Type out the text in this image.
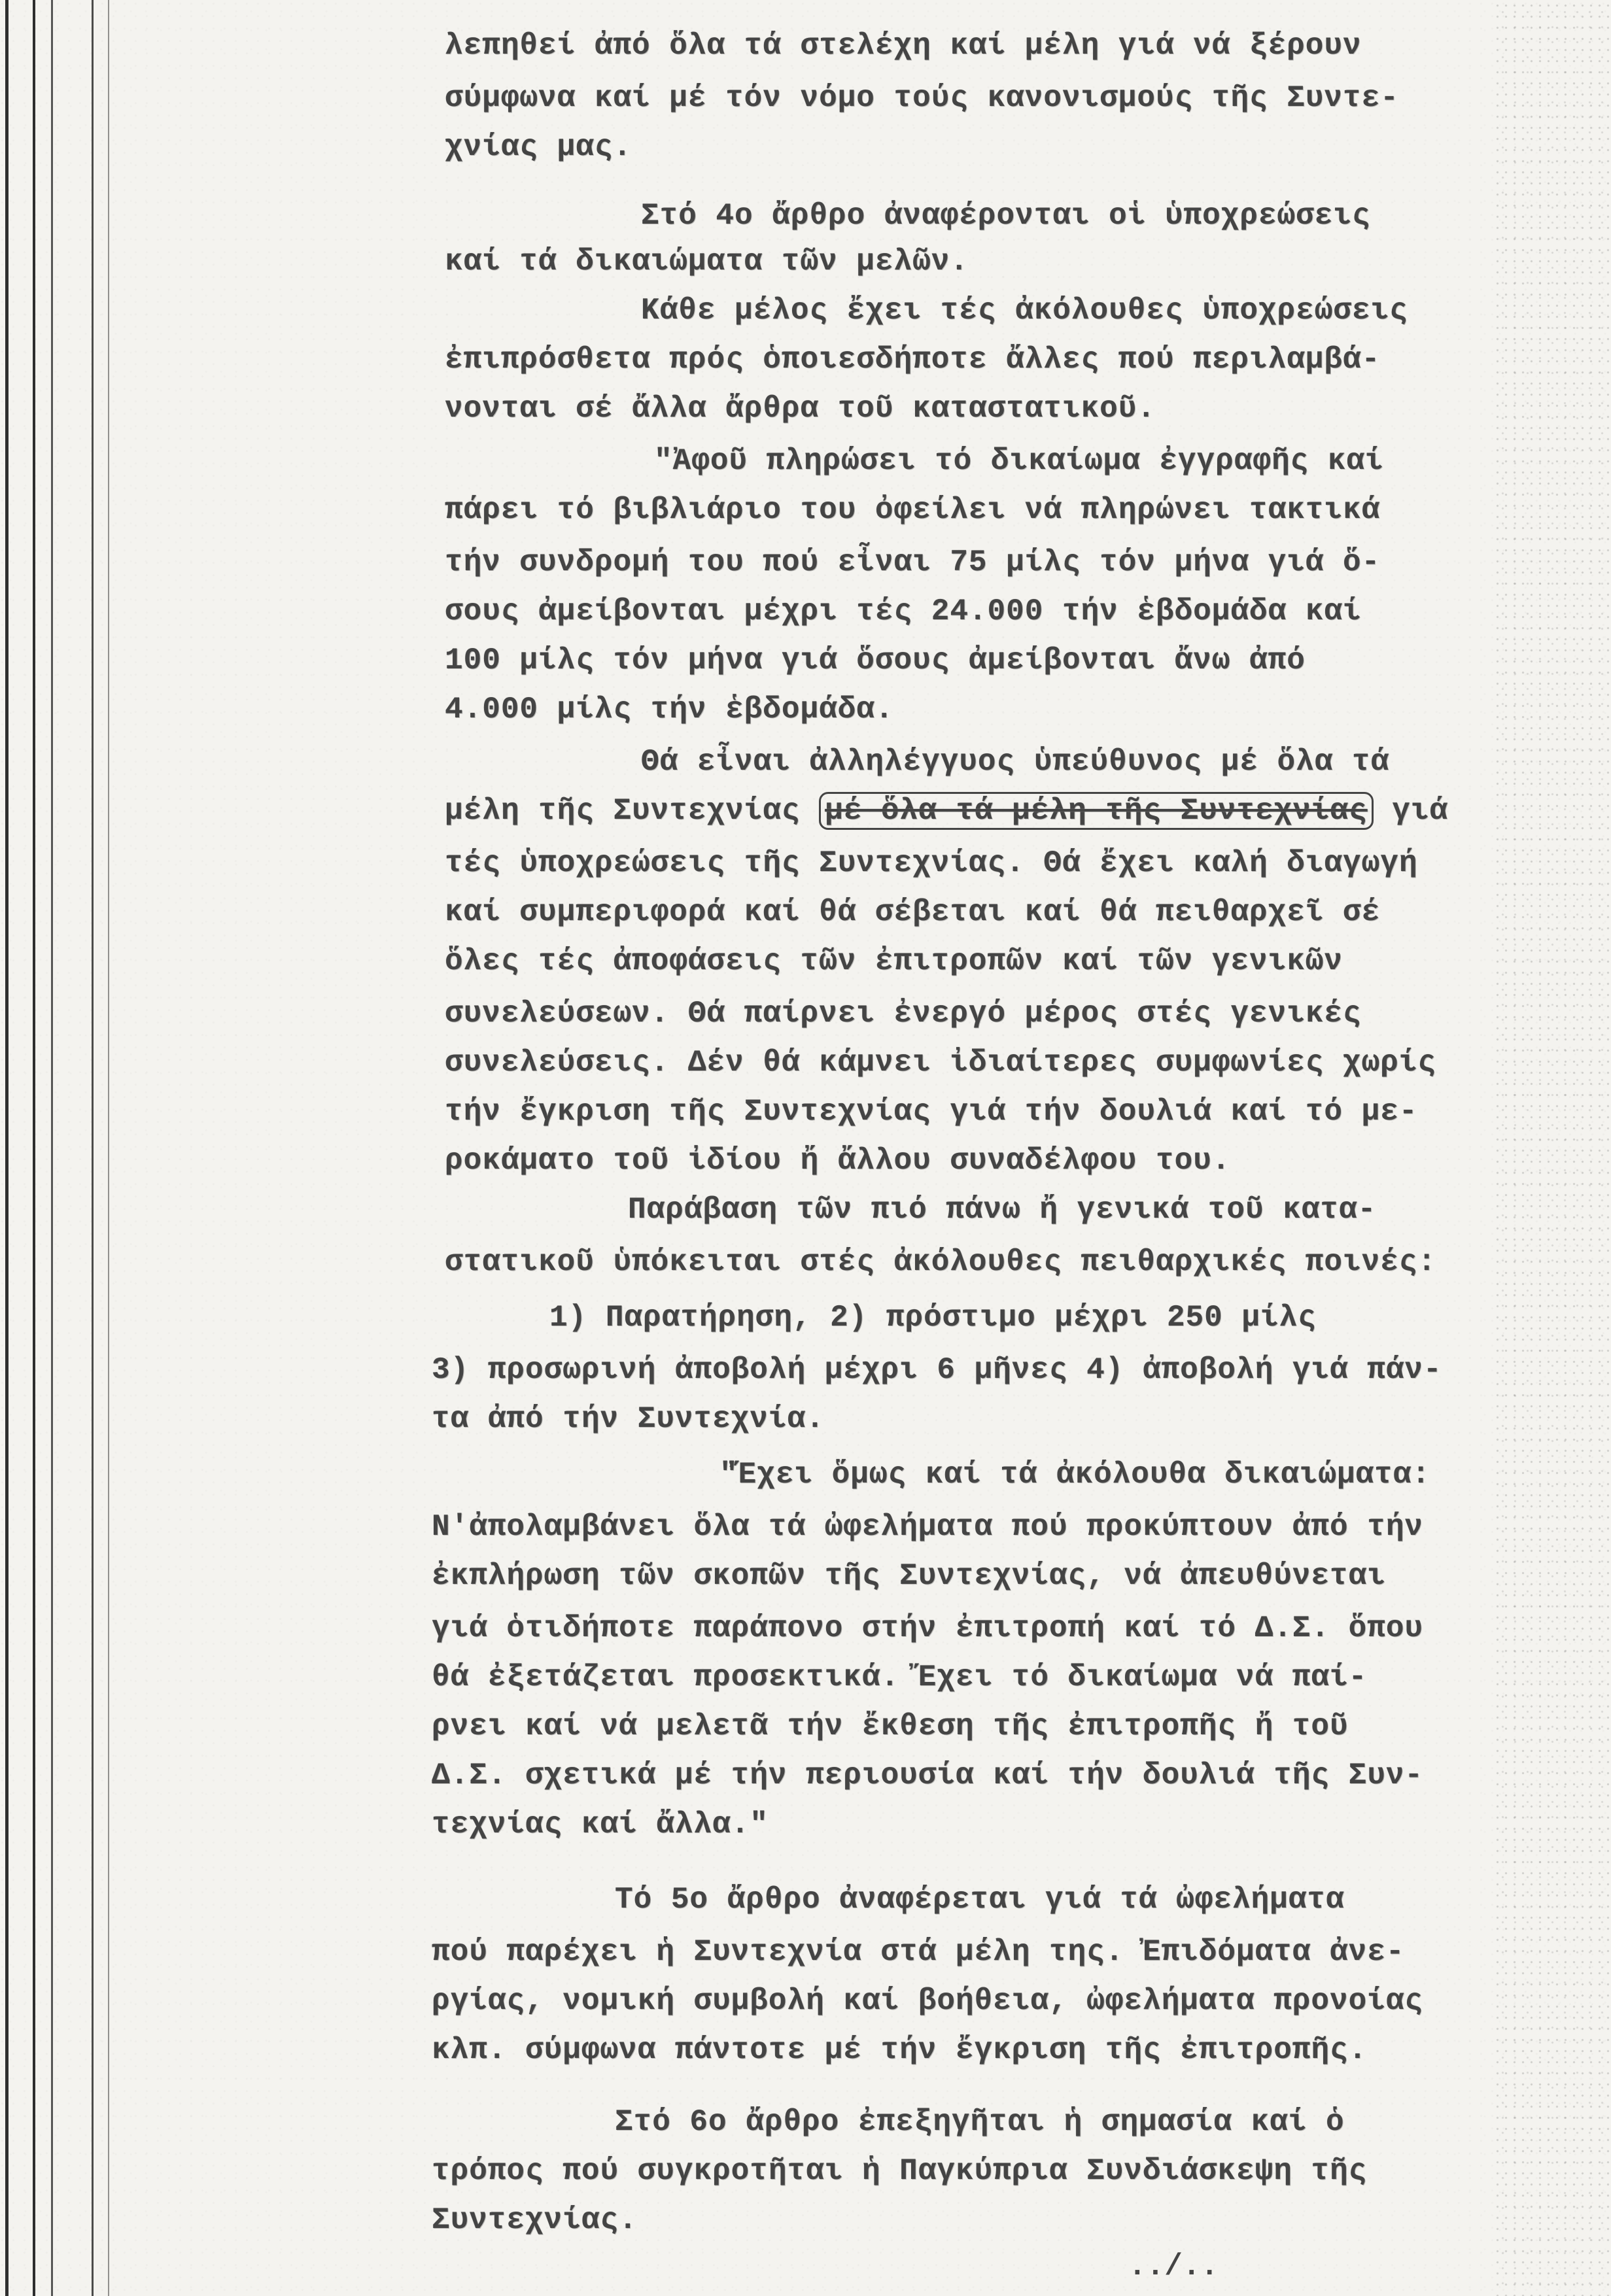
λεπηθεί ἀπό ὅλα τά στελέχη καί μέλη γιά νά ξέρουν
σύμφωνα καί μέ τόν νόμο τούς κανονισμούς τῆς Συντε-
χνίας μας.
Στό 4ο ἄρθρο ἀναφέρονται οἱ ὑποχρεώσεις
καί τά δικαιώματα τῶν μελῶν.
Κάθε μέλος ἔχει τές ἀκόλουθες ὑποχρεώσεις
ἐπιπρόσθετα πρός ὁποιεσδήποτε ἄλλες πού περιλαμβά-
νονται σέ ἄλλα ἄρθρα τοῦ καταστατικοῦ.
"Ἀφοῦ πληρώσει τό δικαίωμα ἐγγραφῆς καί
πάρει τό βιβλιάριο του ὀφείλει νά πληρώνει τακτικά
τήν συνδρομή του πού εἶναι 75 μίλς τόν μήνα γιά ὅ-
σους ἀμείβονται μέχρι τές 24.000 τήν ἑβδομάδα καί
100 μίλς τόν μήνα γιά ὅσους ἀμείβονται ἄνω ἀπό
4.000 μίλς τήν ἑβδομάδα.
Θά εἶναι ἀλληλέγγυος ὑπεύθυνος μέ ὅλα τά
μέλη τῆς Συντεχνίας μέ ὅλα τά μέλη τῆς Συντεχνίας γιά
τές ὑποχρεώσεις τῆς Συντεχνίας. Θά ἔχει καλή διαγωγή
καί συμπεριφορά καί θά σέβεται καί θά πειθαρχεῖ σέ
ὅλες τές ἀποφάσεις τῶν ἐπιτροπῶν καί τῶν γενικῶν
συνελεύσεων. Θά παίρνει ἐνεργό μέρος στές γενικές
συνελεύσεις. Δέν θά κάμνει ἰδιαίτερες συμφωνίες χωρίς
τήν ἔγκριση τῆς Συντεχνίας γιά τήν δουλιά καί τό με-
ροκάματο τοῦ ἰδίου ἤ ἄλλου συναδέλφου του.
Παράβαση τῶν πιό πάνω ἤ γενικά τοῦ κατα-
στατικοῦ ὑπόκειται στές ἀκόλουθες πειθαρχικές ποινές:
1) Παρατήρηση, 2) πρόστιμο μέχρι 250 μίλς
3) προσωρινή ἀποβολή μέχρι 6 μῆνες 4) ἀποβολή γιά πάν-
τα ἀπό τήν Συντεχνία.
"Ἔχει ὅμως καί τά ἀκόλουθα δικαιώματα:
Ν'ἀπολαμβάνει ὅλα τά ὠφελήματα πού προκύπτουν ἀπό τήν
ἐκπλήρωση τῶν σκοπῶν τῆς Συντεχνίας, νά ἀπευθύνεται
γιά ὁτιδήποτε παράπονο στήν ἐπιτροπή καί τό Δ.Σ. ὅπου
θά ἐξετάζεται προσεκτικά. Ἔχει τό δικαίωμα νά παί-
ρνει καί νά μελετᾶ τήν ἔκθεση τῆς ἐπιτροπῆς ἤ τοῦ
Δ.Σ. σχετικά μέ τήν περιουσία καί τήν δουλιά τῆς Συν-
τεχνίας καί ἄλλα."
Τό 5ο ἄρθρο ἀναφέρεται γιά τά ὠφελήματα
πού παρέχει ἡ Συντεχνία στά μέλη της. Ἐπιδόματα ἀνε-
ργίας, νομική συμβολή καί βοήθεια, ὠφελήματα προνοίας
κλπ. σύμφωνα πάντοτε μέ τήν ἔγκριση τῆς ἐπιτροπῆς.
Στό 6ο ἄρθρο ἐπεξηγῆται ἡ σημασία καί ὁ
τρόπος πού συγκροτῆται ἡ Παγκύπρια Συνδιάσκεψη τῆς
Συντεχνίας.
../..
